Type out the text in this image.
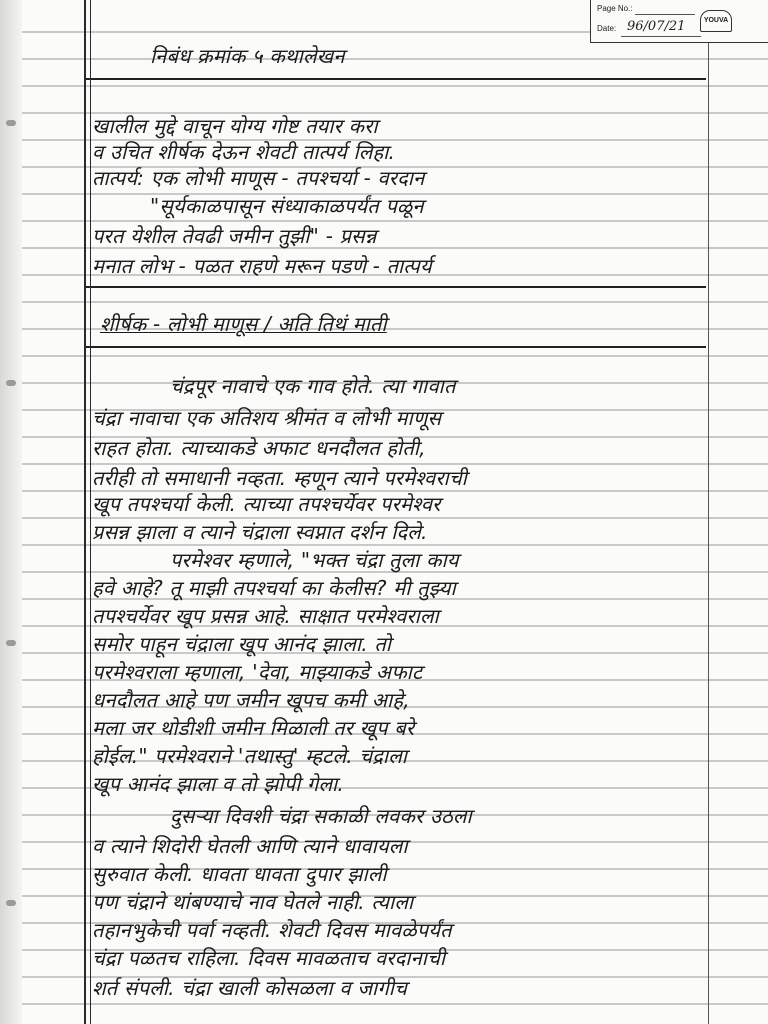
Page No.:
Date: 96/07/21	YOUVA
निबंध क्रमांक ५ कथालेखन
खालील मुद्दे वाचून योग्य गोष्ट तयार करा
व उचित शीर्षक देऊन शेवटी तात्पर्य लिहा.
तात्पर्य: एक लोभी माणूस - तपश्चर्या - वरदान
"सूर्यकाळपासून संध्याकाळपर्यंत पळून
परत येशील तेवढी जमीन तुझी" - प्रसन्न
मनात लोभ - पळत राहणे मरून पडणे - तात्पर्य
शीर्षक - लोभी माणूस / अति तिथं माती
चंद्रपूर नावाचे एक गाव होते. त्या गावात
चंद्रा नावाचा एक अतिशय श्रीमंत व लोभी माणूस
राहत होता. त्याच्याकडे अफाट धनदौलत होती,
तरीही तो समाधानी नव्हता. म्हणून त्याने परमेश्वराची
खूप तपश्चर्या केली. त्याच्या तपश्चर्येवर परमेश्वर
प्रसन्न झाला व त्याने चंद्राला स्वप्नात दर्शन दिले.
परमेश्वर म्हणाले, "भक्त चंद्रा तुला काय
हवे आहे? तू माझी तपश्चर्या का केलीस? मी तुझ्या
तपश्चर्येवर खूप प्रसन्न आहे. साक्षात परमेश्वराला
समोर पाहून चंद्राला खूप आनंद झाला. तो
परमेश्वराला म्हणाला, 'देवा, माझ्याकडे अफाट
धनदौलत आहे पण जमीन खूपच कमी आहे,
मला जर थोडीशी जमीन मिळाली तर खूप बरे
होईल." परमेश्वराने 'तथास्तु' म्हटले. चंद्राला
खूप आनंद झाला व तो झोपी गेला.
दुसऱ्या दिवशी चंद्रा सकाळी लवकर उठला
व त्याने शिदोरी घेतली आणि त्याने धावायला
सुरुवात केली. धावता धावता दुपार झाली
पण चंद्राने थांबण्याचे नाव घेतले नाही. त्याला
तहानभुकेची पर्वा नव्हती. शेवटी दिवस मावळेपर्यंत
चंद्रा पळतच राहिला. दिवस मावळताच वरदानाची
शर्त संपली. चंद्रा खाली कोसळला व जागीच
